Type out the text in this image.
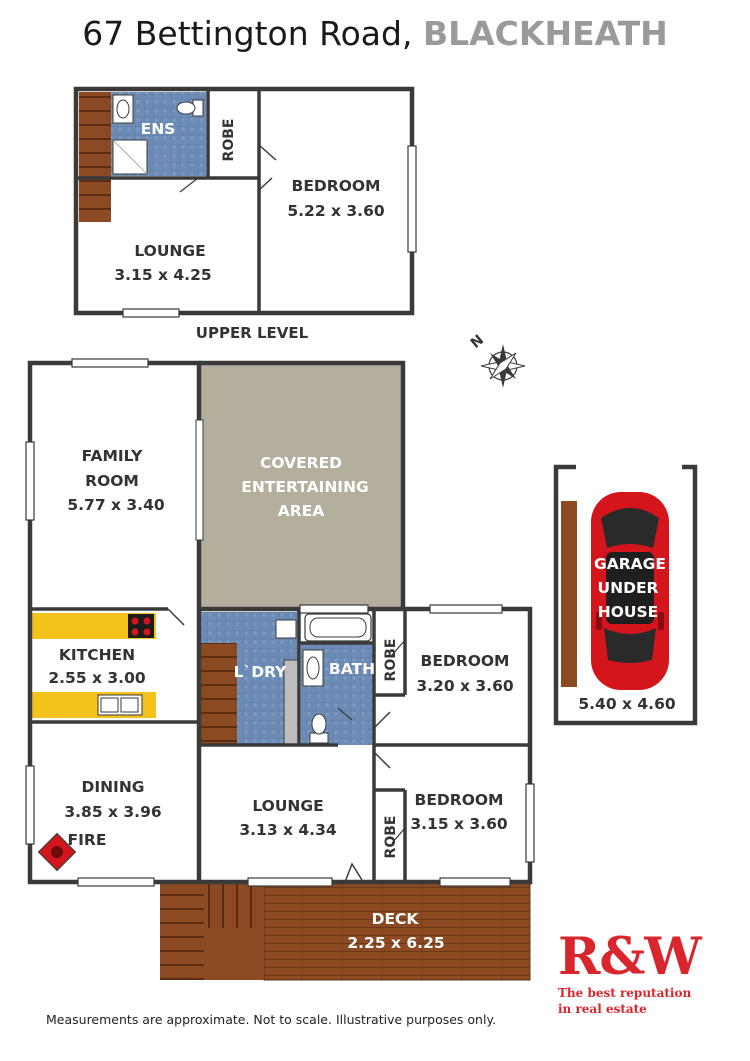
67 Bettington Road, BLACKHEATH
ENS	ROBE
BEDROOM
5.22 x 3.60
LOUNGE
3.15 x 4.25
UPPER LEVEL	N
FAMILY
ROOM
5.77 x 3.40
COVERED
ENTERTAINING
AREA
KITCHEN
2.55 x 3.00	L`DRY	BATH ROBE BEDROOM
3.20 x 3.60
DINING
3.85 x 3.96
FIRE
LOUNGE
3.13 x 4.34	ROBE
BEDROOM
3.15 x 3.60
DECK
2.25 x 6.25
GARAGE
UNDER
HOUSE
5.40 x 4.60
R&W
The best reputation
in real estate
Measurements are approximate. Not to scale. Illustrative purposes only.
